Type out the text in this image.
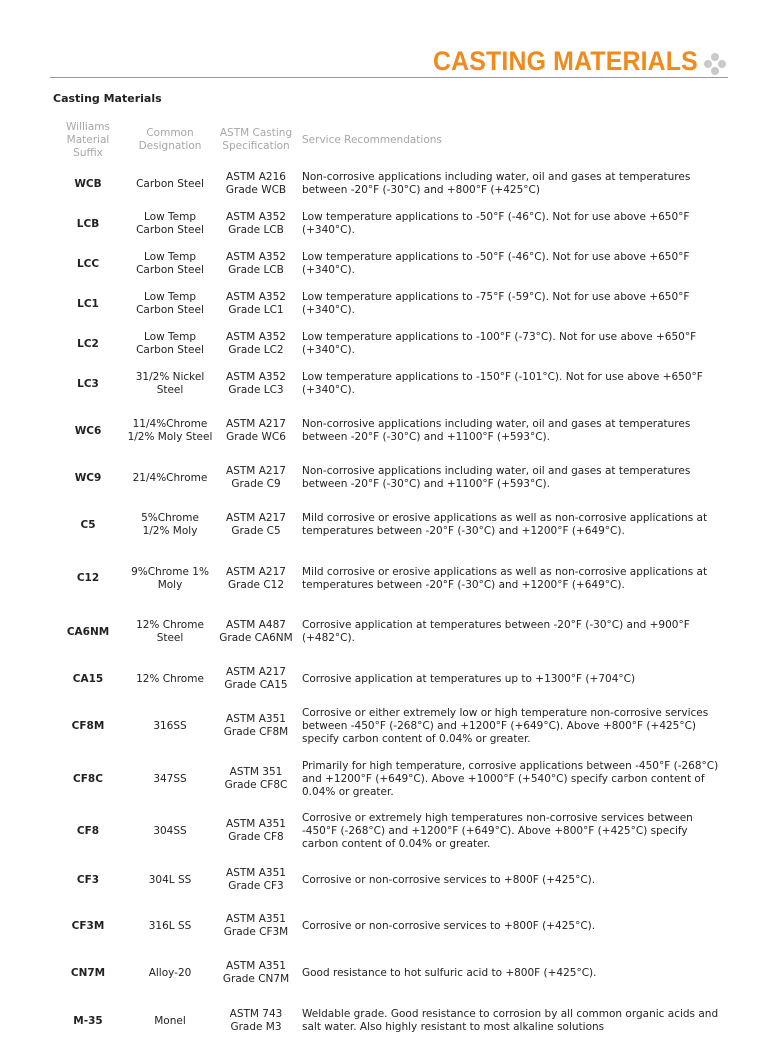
CASTING MATERIALS
Casting Materials
Williams Material Suffix	Common Designation	ASTM Casting Specification	Service Recommendations
WCB	Carbon Steel	ASTM A216 Grade WCB	Non-corrosive applications including water, oil and gases at temperatures between -20°F (-30°C) and +800°F (+425°C)
LCB	Low Temp Carbon Steel	ASTM A352 Grade LCB	Low temperature applications to -50°F (-46°C). Not for use above +650°F (+340°C).
LCC	Low Temp Carbon Steel	ASTM A352 Grade LCB	Low temperature applications to -50°F (-46°C). Not for use above +650°F (+340°C).
LC1	Low Temp Carbon Steel	ASTM A352 Grade LC1	Low temperature applications to -75°F (-59°C). Not for use above +650°F (+340°C).
LC2	Low Temp Carbon Steel	ASTM A352 Grade LC2	Low temperature applications to -100°F (-73°C). Not for use above +650°F (+340°C).
LC3	31/2% Nickel Steel	ASTM A352 Grade LC3	Low temperature applications to -150°F (-101°C). Not for use above +650°F (+340°C).
WC6	11/4%Chrome 1/2% Moly Steel	ASTM A217 Grade WC6	Non-corrosive applications including water, oil and gases at temperatures between -20°F (-30°C) and +1100°F (+593°C).
WC9	21/4%Chrome	ASTM A217 Grade C9	Non-corrosive applications including water, oil and gases at temperatures between -20°F (-30°C) and +1100°F (+593°C).
C5	5%Chrome 1/2% Moly	ASTM A217 Grade C5	Mild corrosive or erosive applications as well as non-corrosive applications at temperatures between -20°F (-30°C) and +1200°F (+649°C).
C12	9%Chrome 1% Moly	ASTM A217 Grade C12	Mild corrosive or erosive applications as well as non-corrosive applications at temperatures between -20°F (-30°C) and +1200°F (+649°C).
CA6NM	12% Chrome Steel	ASTM A487 Grade CA6NM	Corrosive application at temperatures between -20°F (-30°C) and +900°F (+482°C).
CA15	12% Chrome	ASTM A217 Grade CA15	Corrosive application at temperatures up to +1300°F (+704°C)
CF8M	316SS	ASTM A351 Grade CF8M	Corrosive or either extremely low or high temperature non-corrosive services between -450°F (-268°C) and +1200°F (+649°C). Above +800°F (+425°C) specify carbon content of 0.04% or greater.
CF8C	347SS	ASTM 351 Grade CF8C	Primarily for high temperature, corrosive applications between -450°F (-268°C) and +1200°F (+649°C). Above +1000°F (+540°C) specify carbon content of 0.04% or greater.
CF8	304SS	ASTM A351 Grade CF8	Corrosive or extremely high temperatures non-corrosive services between -450°F (-268°C) and +1200°F (+649°C). Above +800°F (+425°C) specify carbon content of 0.04% or greater.
CF3	304L SS	ASTM A351 Grade CF3	Corrosive or non-corrosive services to +800F (+425°C).
CF3M	316L SS	ASTM A351 Grade CF3M	Corrosive or non-corrosive services to +800F (+425°C).
CN7M	Alloy-20	ASTM A351 Grade CN7M	Good resistance to hot sulfuric acid to +800F (+425°C).
M-35	Monel	ASTM 743 Grade M3	Weldable grade. Good resistance to corrosion by all common organic acids and salt water. Also highly resistant to most alkaline solutions
